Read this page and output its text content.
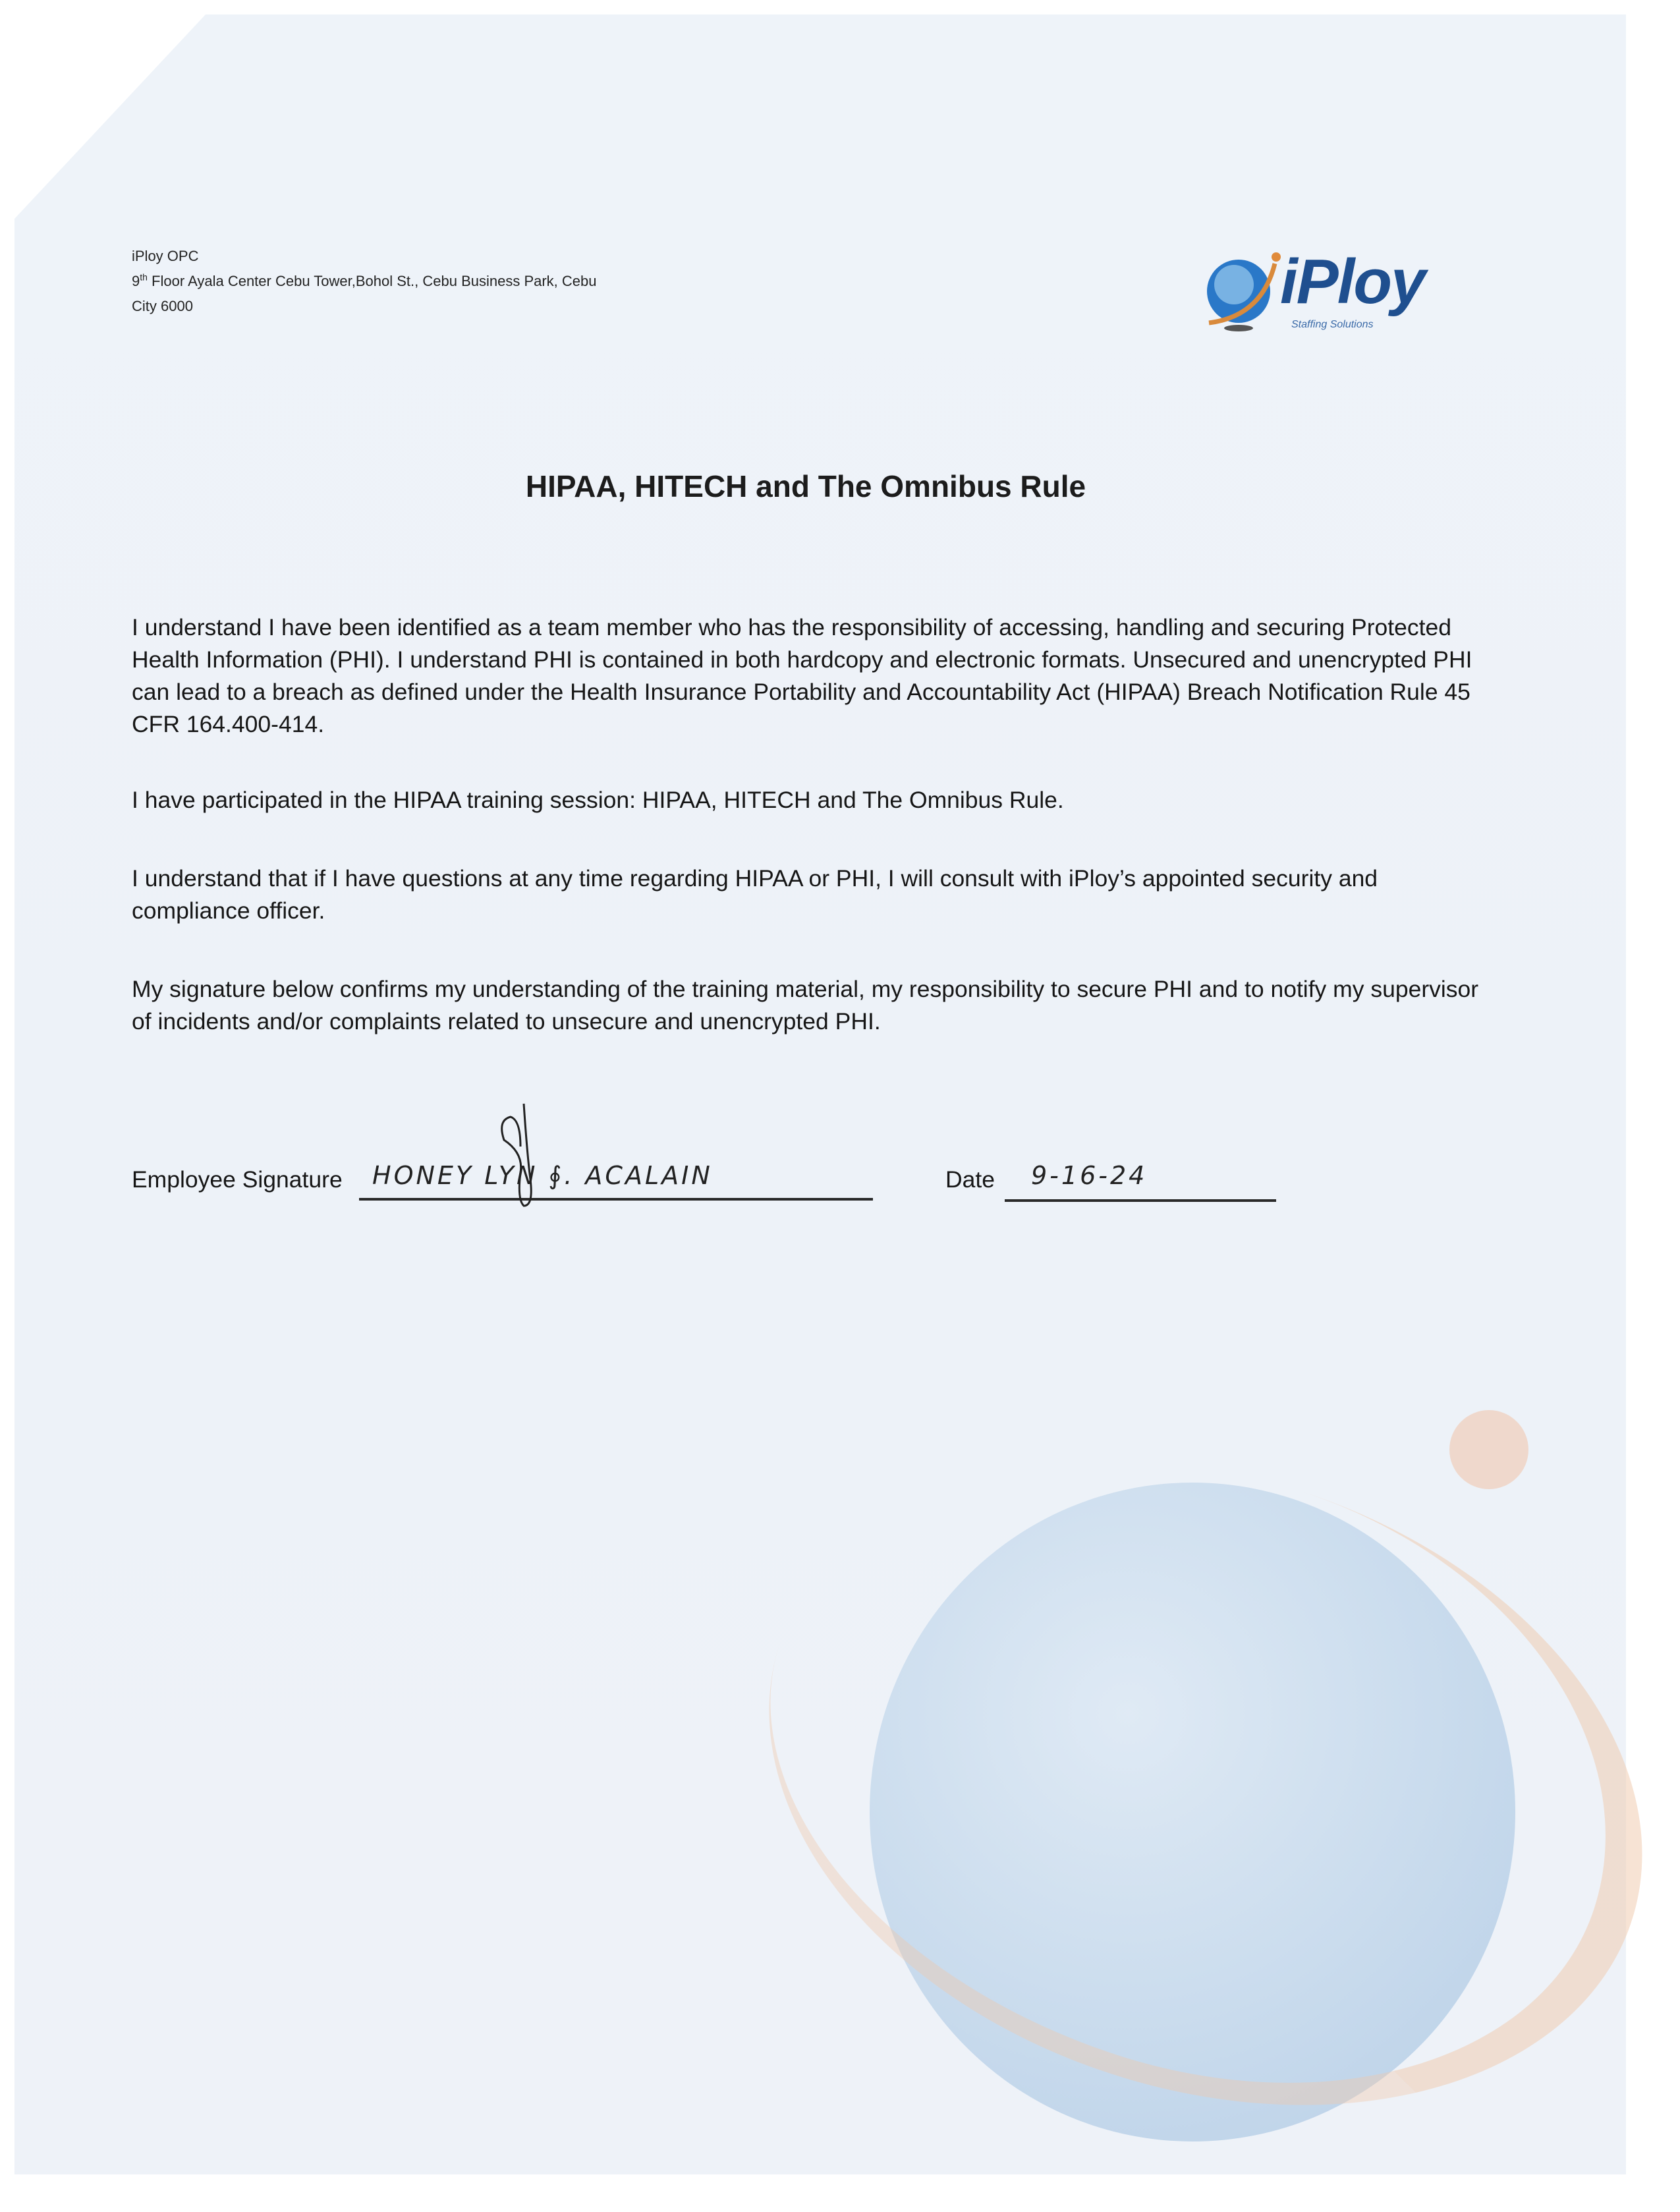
iPloy OPC
9th Floor Ayala Center Cebu Tower,Bohol St., Cebu Business Park, Cebu
City 6000	iPloy
Staffing Solutions
HIPAA, HITECH and The Omnibus Rule

I understand I have been identified as a team member who has the responsibility of accessing, handling and securing Protected Health Information (PHI). I understand PHI is contained in both hardcopy and electronic formats. Unsecured and unencrypted PHI can lead to a breach as defined under the Health Insurance Portability and Accountability Act (HIPAA) Breach Notification Rule 45 CFR 164.400-414.

I have participated in the HIPAA training session: HIPAA, HITECH and The Omnibus Rule.

I understand that if I have questions at any time regarding HIPAA or PHI, I will consult with iPloy’s appointed security and compliance officer.

My signature below confirms my understanding of the training material, my responsibility to secure PHI and to notify my supervisor of incidents and/or complaints related to unsecure and unencrypted PHI.

Employee Signature HONEY LYN ∮. ACALAIN	Date 9-16-24
